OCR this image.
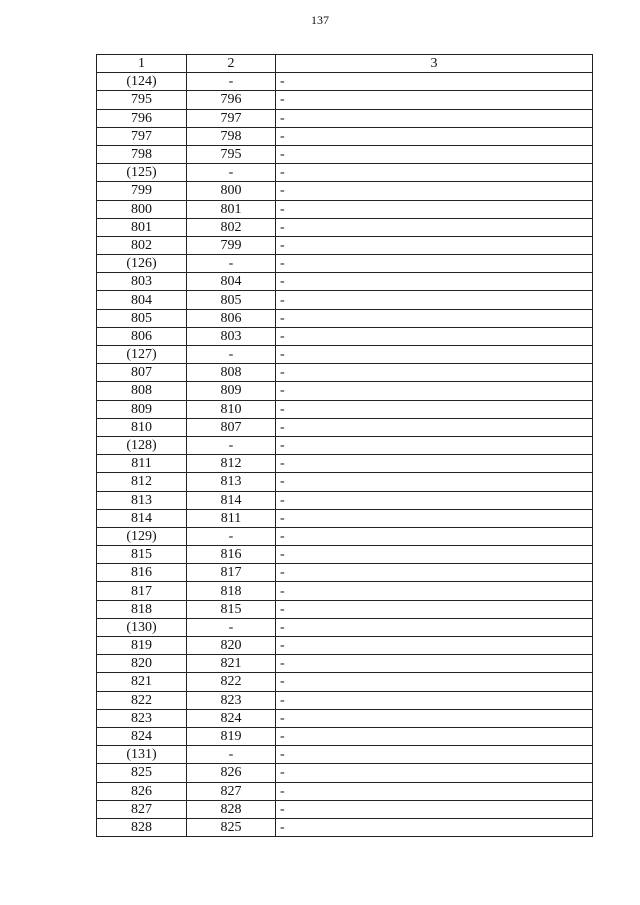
137
1	2	3
(124)	-	-
795	796	-
796	797	-
797	798	-
798	795	-
(125)	-	-
799	800	-
800	801	-
801	802	-
802	799	-
(126)	-	-
803	804	-
804	805	-
805	806	-
806	803	-
(127)	-	-
807	808	-
808	809	-
809	810	-
810	807	-
(128)	-	-
811	812	-
812	813	-
813	814	-
814	811	-
(129)	-	-
815	816	-
816	817	-
817	818	-
818	815	-
(130)	-	-
819	820	-
820	821	-
821	822	-
822	823	-
823	824	-
824	819	-
(131)	-	-
825	826	-
826	827	-
827	828	-
828	825	-
